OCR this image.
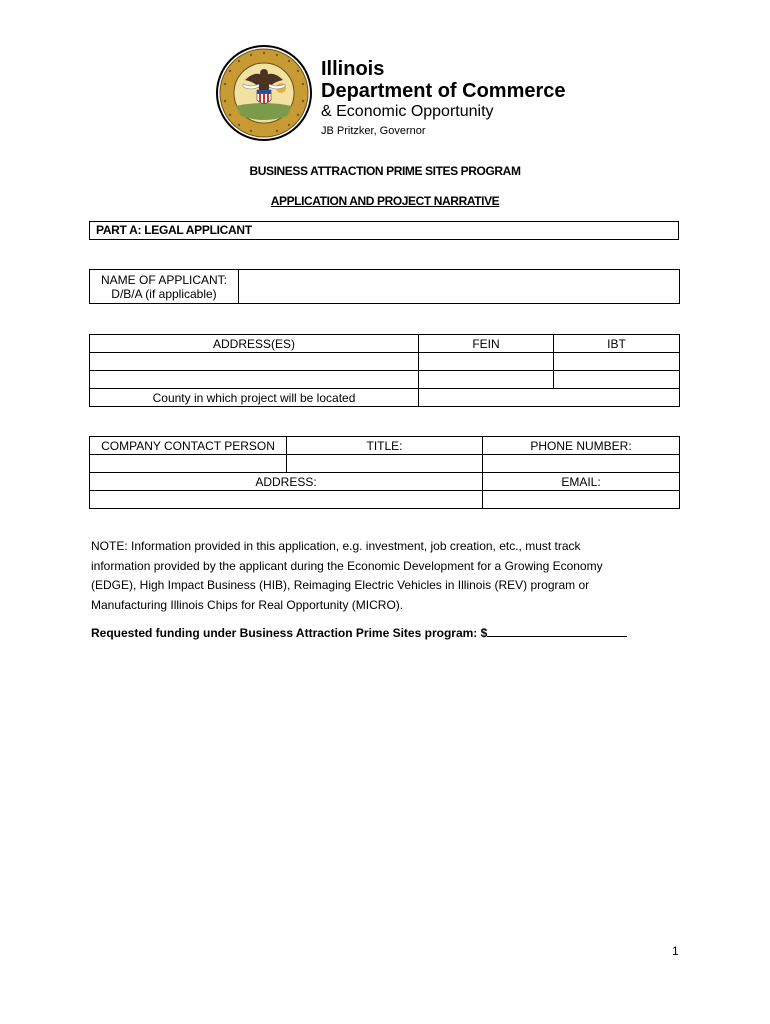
Illinois
Department of Commerce
& Economic Opportunity
JB Pritzker, Governor
BUSINESS ATTRACTION PRIME SITES PROGRAM
APPLICATION AND PROJECT NARRATIVE
PART A: LEGAL APPLICANT
NAME OF APPLICANT:
D/B/A (if applicable)

ADDRESS(ES)	FEIN	IBT

County in which project will be located		
COMPANY CONTACT PERSON	TITLE:	PHONE NUMBER:

ADDRESS:		EMAIL:

NOTE: Information provided in this application, e.g. investment, job creation, etc., must track
information provided by the applicant during the Economic Development for a Growing Economy
(EDGE), High Impact Business (HIB), Reimaging Electric Vehicles in Illinois (REV) program or
Manufacturing Illinois Chips for Real Opportunity (MICRO).
Requested funding under Business Attraction Prime Sites program: $
1
